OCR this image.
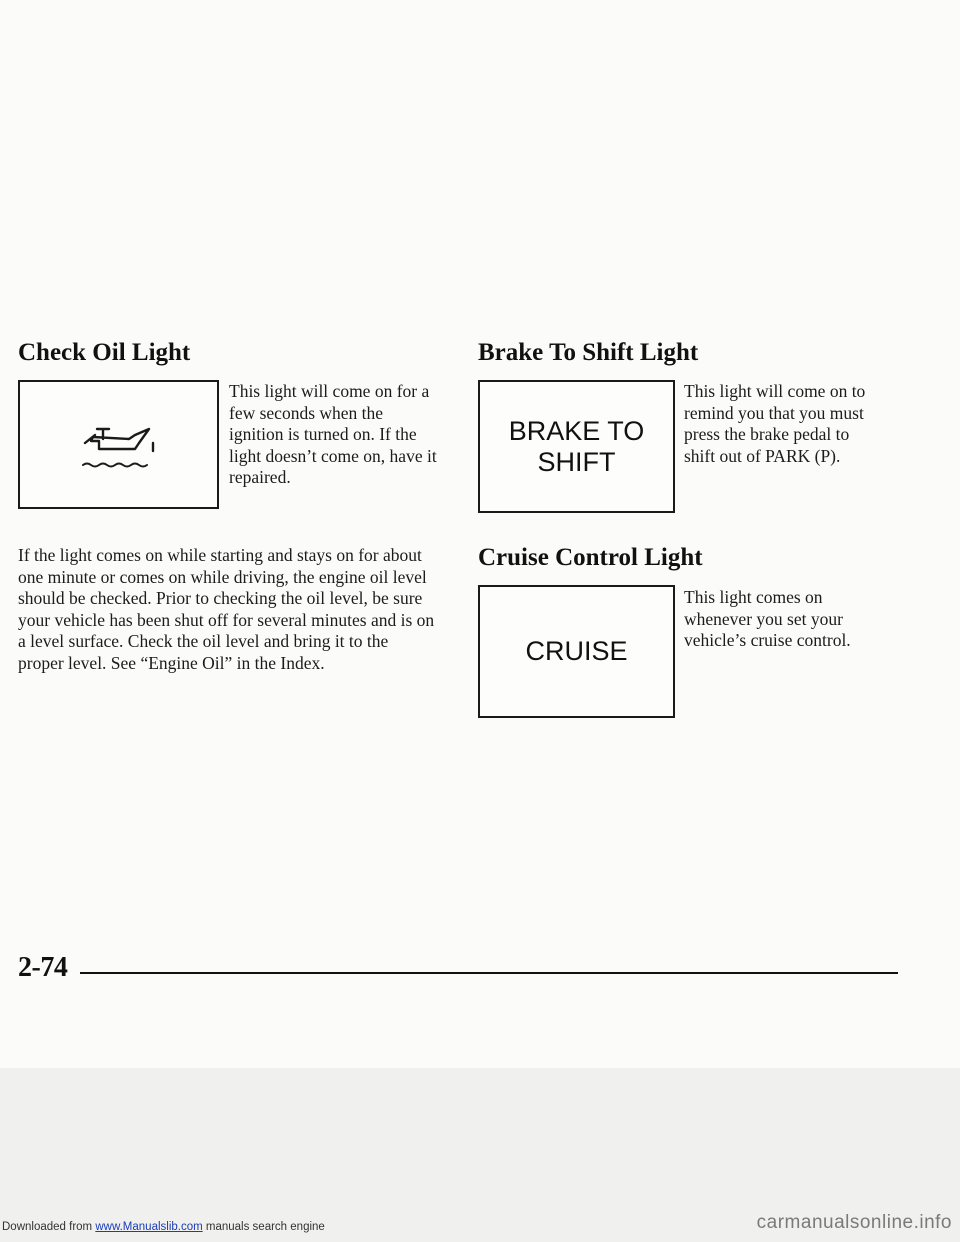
Check Oil Light

This light will come on for a few seconds when the ignition is turned on. If the light doesn’t come on, have it repaired.

If the light comes on while starting and stays on for about one minute or comes on while driving, the engine oil level should be checked. Prior to checking the oil level, be sure your vehicle has been shut off for several minutes and is on a level surface. Check the oil level and bring it to the proper level. See “Engine Oil” in the Index.

Brake To Shift Light
BRAKE TO
SHIFT

This light will come on to remind you that you must press the brake pedal to shift out of PARK (P).

Cruise Control Light
CRUISE

This light comes on whenever you set your vehicle’s cruise control.

2-74

Downloaded from www.Manualslib.com manuals search engine	carmanualsonline.info
